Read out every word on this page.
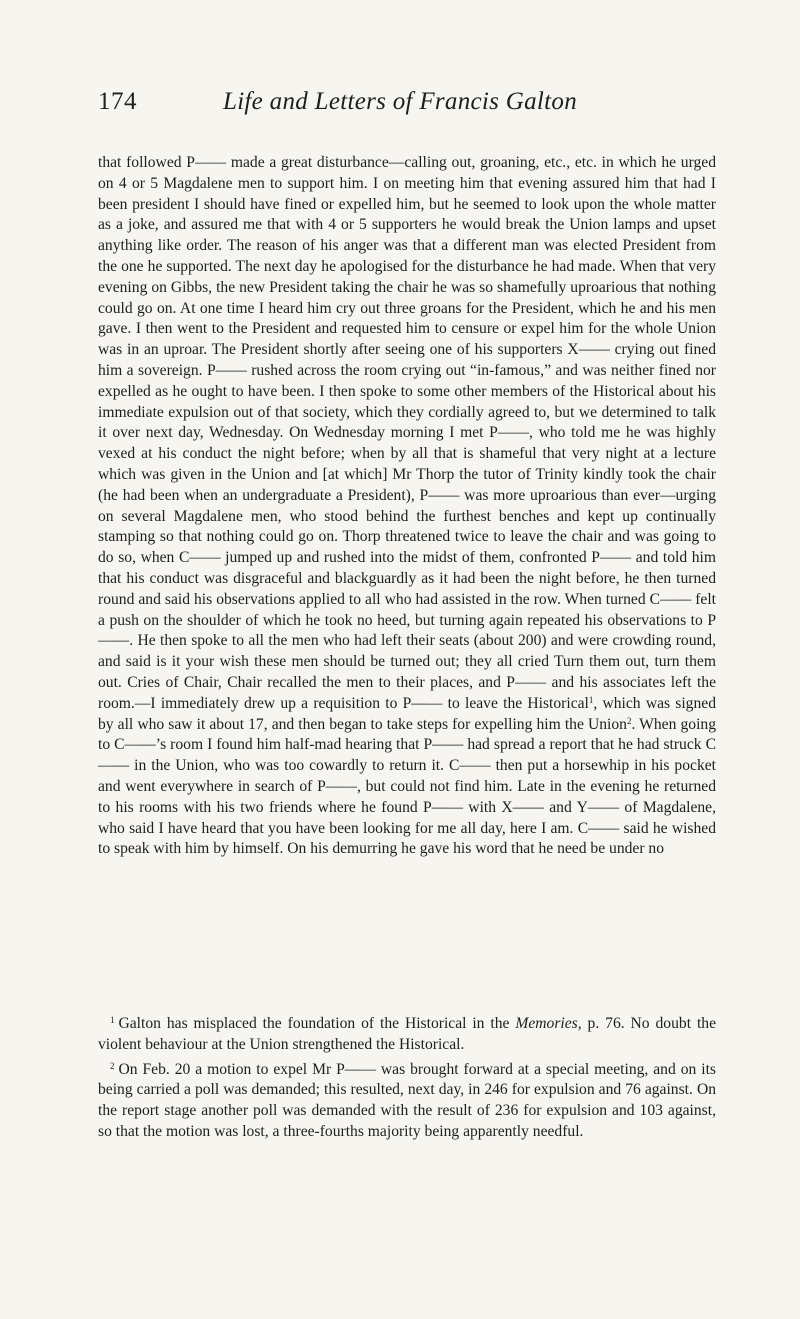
174	Life and Letters of Francis Galton

that followed P—— made a great disturbance—calling out, groaning, etc., etc. in which he urged on 4 or 5 Magdalene men to support him. I on meeting him that evening assured him that had I been president I should have fined or expelled him, but he seemed to look upon the whole matter as a joke, and assured me that with 4 or 5 supporters he would break the Union lamps and upset anything like order. The reason of his anger was that a different man was elected President from the one he supported. The next day he apologised for the disturbance he had made. When that very evening on Gibbs, the new President taking the chair he was so shamefully uproarious that nothing could go on. At one time I heard him cry out three groans for the President, which he and his men gave. I then went to the President and requested him to censure or expel him for the whole Union was in an uproar. The President shortly after seeing one of his supporters X—— crying out fined him a sovereign. P—— rushed across the room crying out “in-famous,” and was neither fined nor expelled as he ought to have been. I then spoke to some other members of the Historical about his immediate expulsion out of that society, which they cordially agreed to, but we determined to talk it over next day, Wednesday. On Wednesday morning I met P——, who told me he was highly vexed at his conduct the night before; when by all that is shameful that very night at a lecture which was given in the Union and [at which] Mr Thorp the tutor of Trinity kindly took the chair (he had been when an undergraduate a President), P—— was more uproarious than ever—urging on several Magdalene men, who stood behind the furthest benches and kept up continually stamping so that nothing could go on. Thorp threatened twice to leave the chair and was going to do so, when C—— jumped up and rushed into the midst of them, confronted P—— and told him that his conduct was disgraceful and blackguardly as it had been the night before, he then turned round and said his observations applied to all who had assisted in the row. When turned C—— felt a push on the shoulder of which he took no heed, but turning again repeated his observations to P——. He then spoke to all the men who had left their seats (about 200) and were crowding round, and said is it your wish these men should be turned out; they all cried Turn them out, turn them out. Cries of Chair, Chair recalled the men to their places, and P—— and his associates left the room.—I immediately drew up a requisition to P—— to leave the Historical$^1$, which was signed by all who saw it about 17, and then began to take steps for expelling him the Union$^2$. When going to C——’s room I found him half-mad hearing that P—— had spread a report that he had struck C—— in the Union, who was too cowardly to return it. C—— then put a horsewhip in his pocket and went everywhere in search of P——, but could not find him. Late in the evening he returned to his rooms with his two friends where he found P—— with X—— and Y—— of Magdalene, who said I have heard that you have been looking for me all day, here I am. C—— said he wished to speak with him by himself. On his demurring he gave his word that he need be under no

$^1$ Galton has misplaced the foundation of the Historical in the Memories, p. 76. No doubt the violent behaviour at the Union strengthened the Historical.

$^2$ On Feb. 20 a motion to expel Mr P—— was brought forward at a special meeting, and on its being carried a poll was demanded; this resulted, next day, in 246 for expulsion and 76 against. On the report stage another poll was demanded with the result of 236 for expulsion and 103 against, so that the motion was lost, a three-fourths majority being apparently needful.
